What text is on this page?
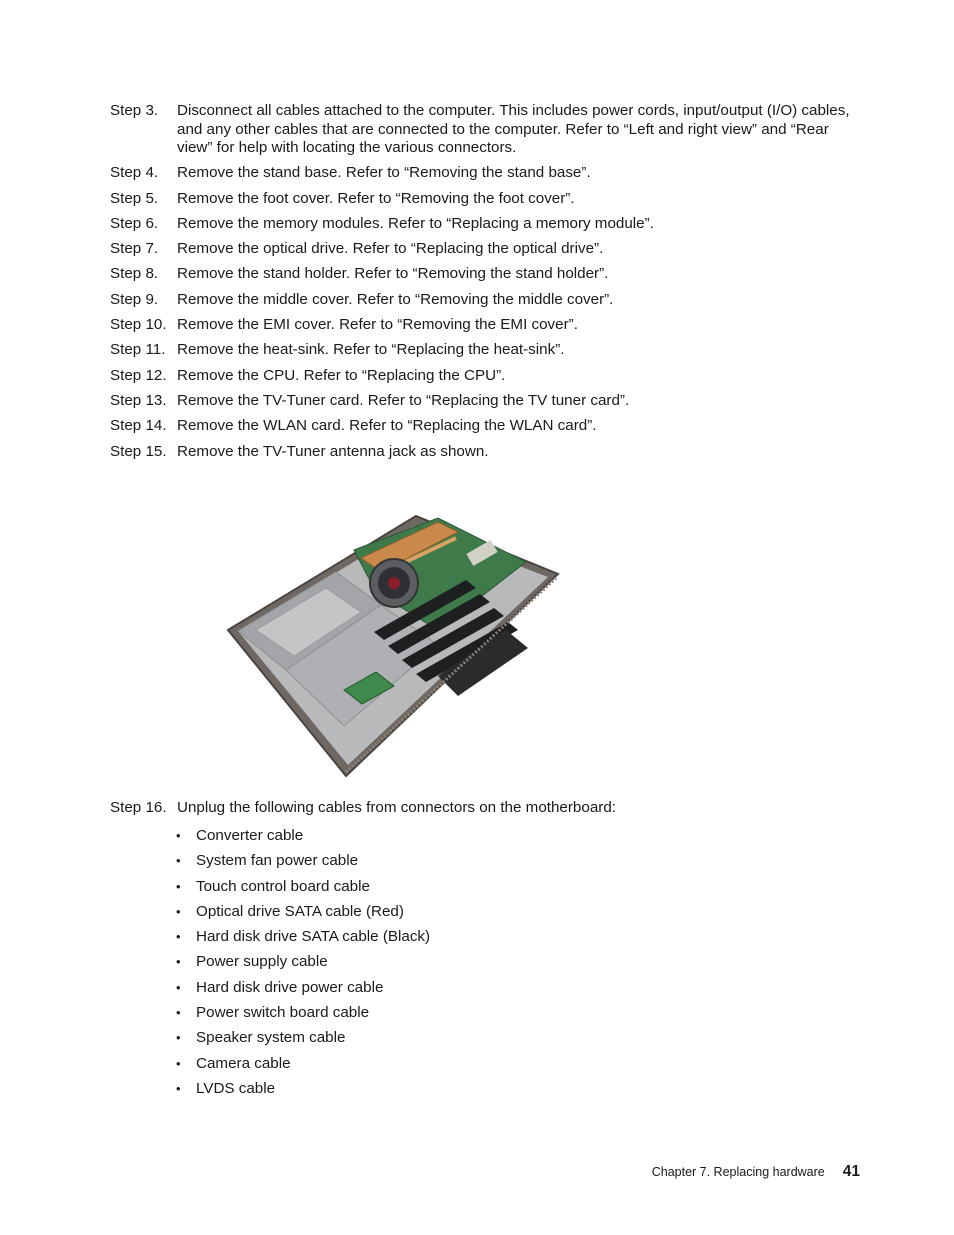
Step 3.	Disconnect all cables attached to the computer. This includes power cords, input/output (I/O) cables, and any other cables that are connected to the computer. Refer to “Left and right view” and “Rear view” for help with locating the various connectors.
Step 4.	Remove the stand base. Refer to “Removing the stand base”.
Step 5.	Remove the foot cover. Refer to “Removing the foot cover”.
Step 6.	Remove the memory modules. Refer to “Replacing a memory module”.
Step 7.	Remove the optical drive. Refer to “Replacing the optical drive”.
Step 8.	Remove the stand holder. Refer to “Removing the stand holder”.
Step 9.	Remove the middle cover. Refer to “Removing the middle cover”.
Step 10. Remove the EMI cover. Refer to “Removing the EMI cover”.
Step 11. Remove the heat-sink. Refer to “Replacing the heat-sink”.
Step 12. Remove the CPU. Refer to “Replacing the CPU”.
Step 13. Remove the TV-Tuner card. Refer to “Replacing the TV tuner card”.
Step 14. Remove the WLAN card. Refer to “Replacing the WLAN card”.
Step 15. Remove the TV-Tuner antenna jack as shown.
Step 16. Unplug the following cables from connectors on the motherboard:
•	Converter cable
•	System fan power cable
•	Touch control board cable
•	Optical drive SATA cable (Red)
•	Hard disk drive SATA cable (Black)
•	Power supply cable
•	Hard disk drive power cable
•	Power switch board cable
•	Speaker system cable
•	Camera cable
•	LVDS cable
Chapter 7. Replacing hardware 41
